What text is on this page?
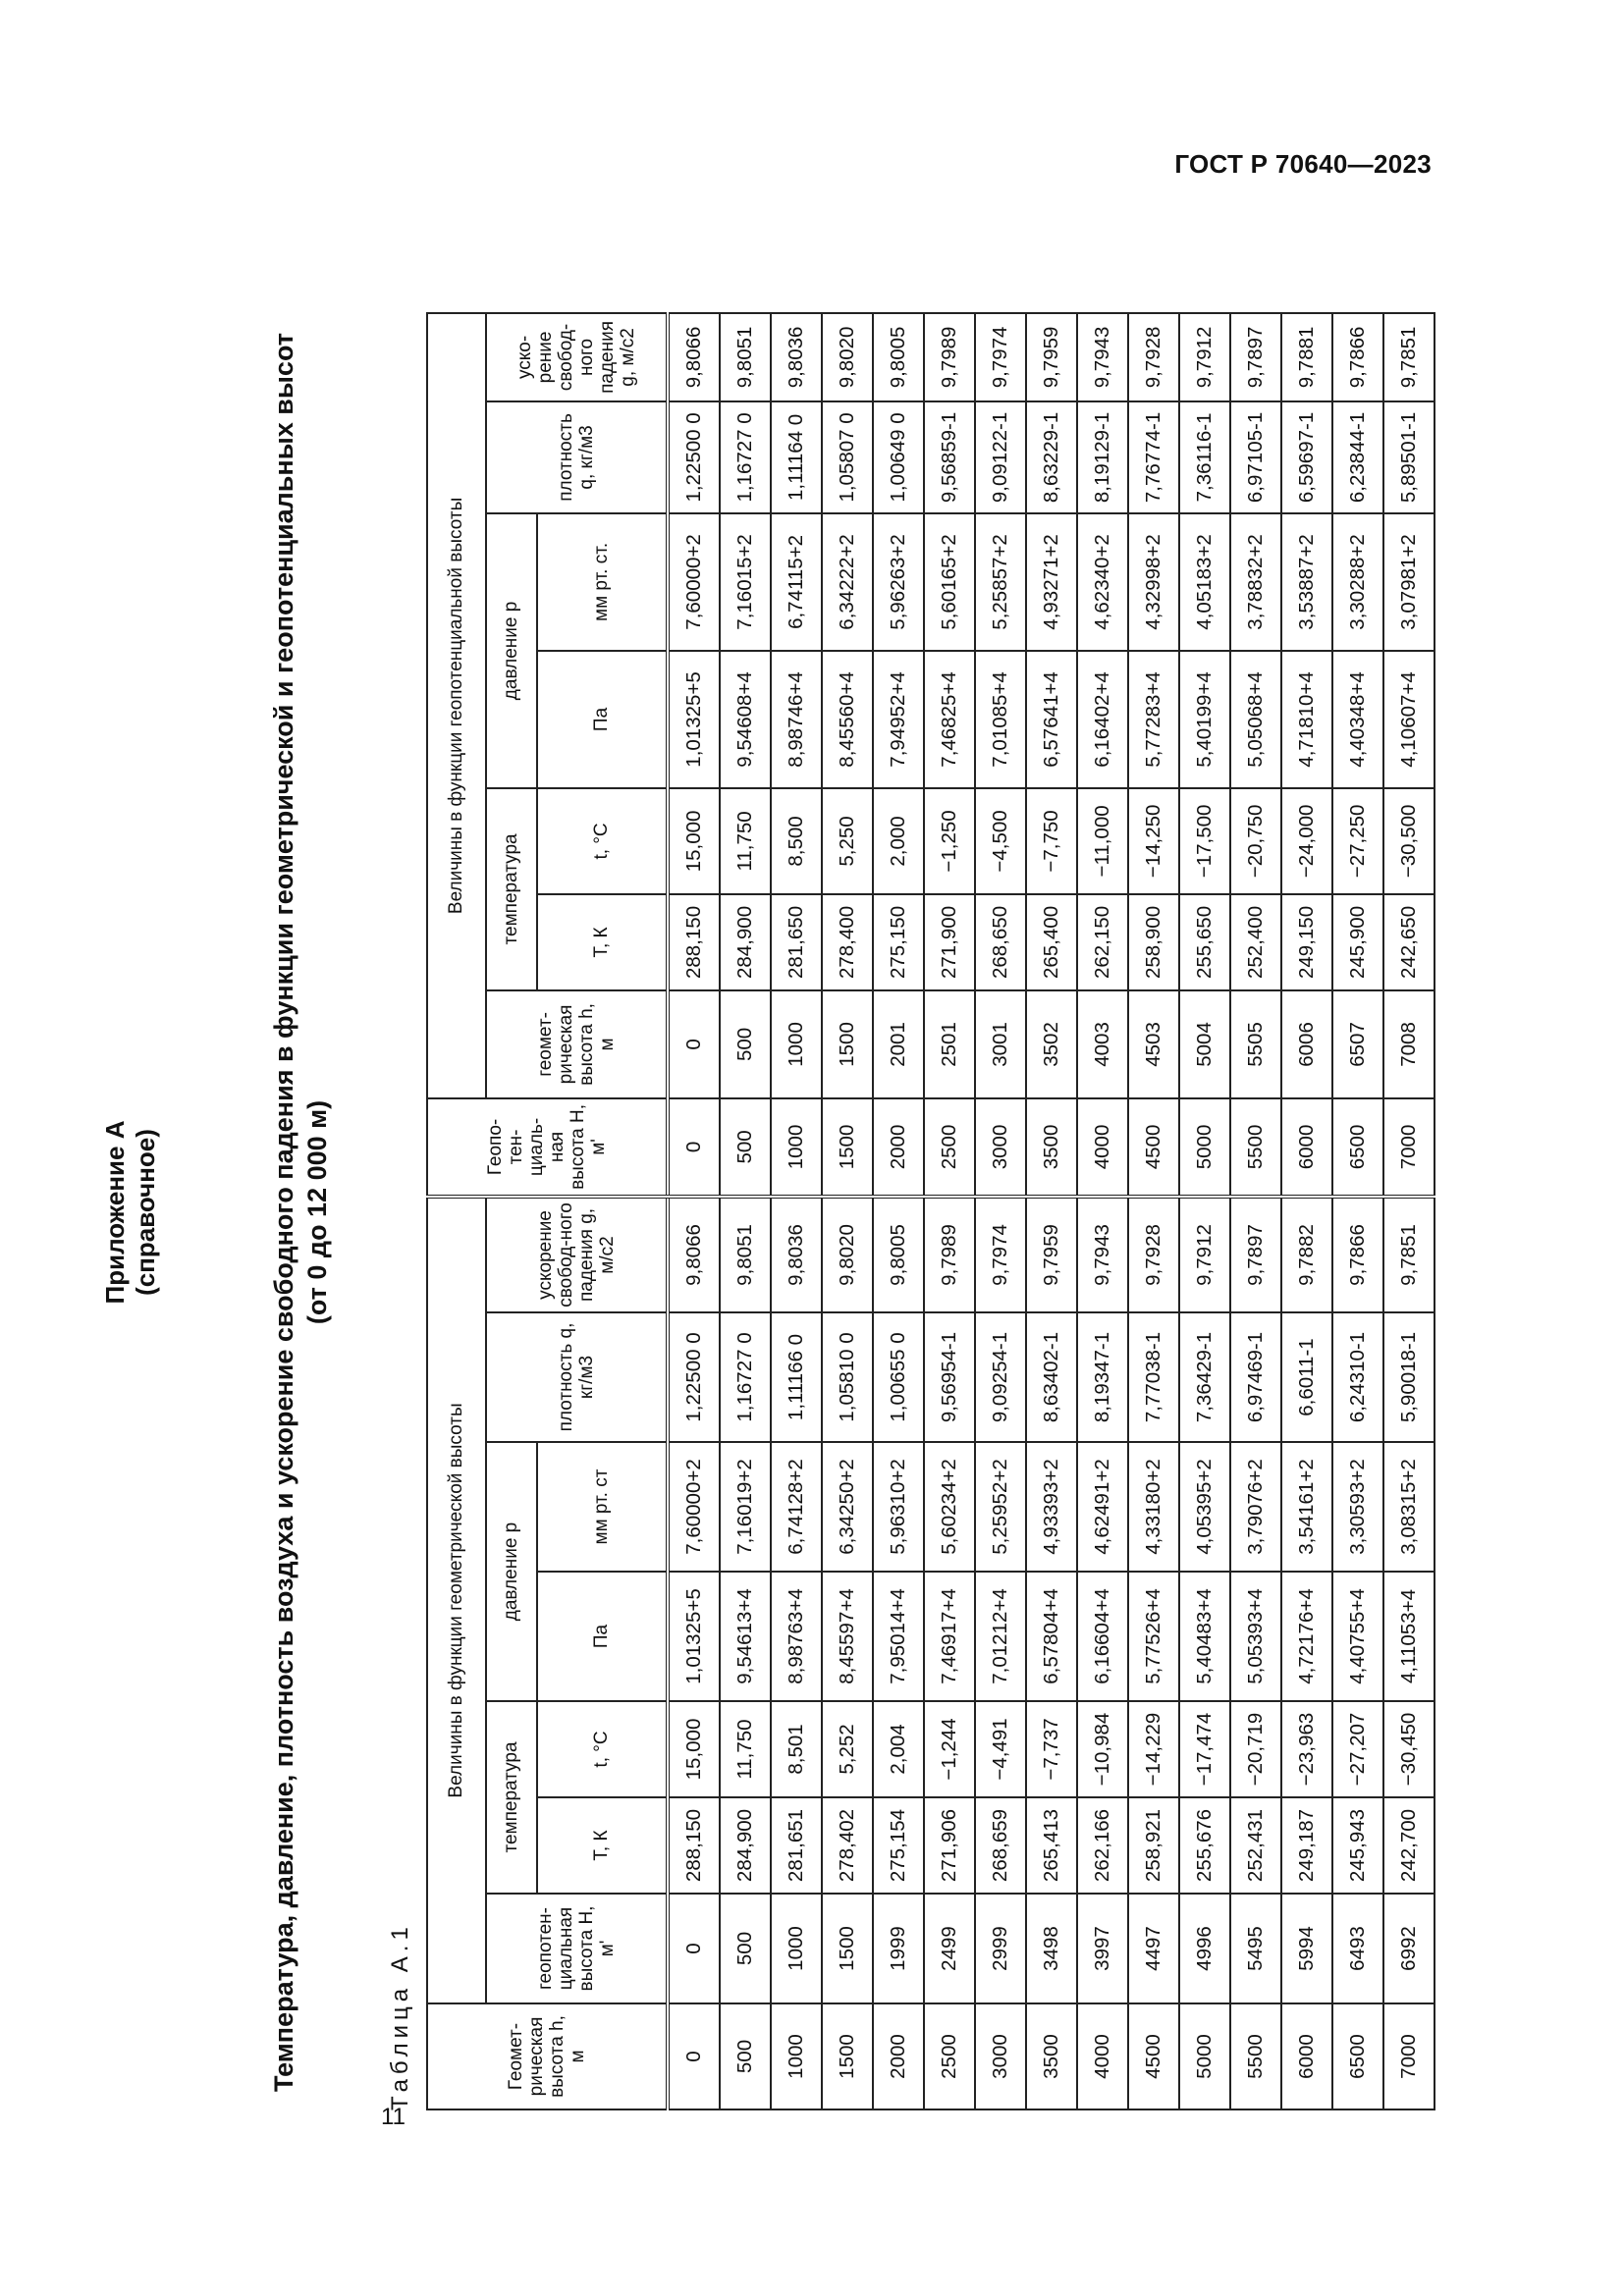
ГОСТ Р 70640—2023
Приложение А (справочное)	Температура, давление, плотность воздуха и ускорение свободного падения в функции геометрической и геопотенциальных высот (от 0 до 12 000 м)
Таблица А.1	Геомет-рическая высота h, м	Величины в функции геометрической высоты							Геопо-тен-циаль-ная высота H, м'	Величины в функции геопотенциальной высоты						
	геопотен-циальная высота H, м'	температура		давление p		плотность q, кг/м3	ускорение свобод-ного падения g, м/с2		геомет-рическая высота h, м	температура		давление p		плотность q, кг/м3	уско-рение свобод-ного падения g, м/с2
		T, К	t, °С	Па	мм рт. ст					T, К	t, °С	Па	мм рт. ст.		
0	0	288,150	15,000	1,01325+5	7,60000+2	1,22500 0	9,8066	0	0	288,150	15,000	1,01325+5	7,60000+2	1,22500 0	9,8066
500	500	284,900	11,750	9,54613+4	7,16019+2	1,16727 0	9,8051	500	500	284,900	11,750	9,54608+4	7,16015+2	1,16727 0	9,8051
1000	1000	281,651	8,501	8,98763+4	6,74128+2	1,11166 0	9,8036	1000	1000	281,650	8,500	8,98746+4	6,74115+2	1,11164 0	9,8036
1500	1500	278,402	5,252	8,45597+4	6,34250+2	1,05810 0	9,8020	1500	1500	278,400	5,250	8,45560+4	6,34222+2	1,05807 0	9,8020
2000	1999	275,154	2,004	7,95014+4	5,96310+2	1,00655 0	9,8005	2000	2001	275,150	2,000	7,94952+4	5,96263+2	1,00649 0	9,8005
2500	2499	271,906	−1,244	7,46917+4	5,60234+2	9,56954-1	9,7989	2500	2501	271,900	−1,250	7,46825+4	5,60165+2	9,56859-1	9,7989
3000	2999	268,659	−4,491	7,01212+4	5,25952+2	9,09254-1	9,7974	3000	3001	268,650	−4,500	7,01085+4	5,25857+2	9,09122-1	9,7974
3500	3498	265,413	−7,737	6,57804+4	4,93393+2	8,63402-1	9,7959	3500	3502	265,400	−7,750	6,57641+4	4,93271+2	8,63229-1	9,7959
4000	3997	262,166	−10,984	6,16604+4	4,62491+2	8,19347-1	9,7943	4000	4003	262,150	−11,000	6,16402+4	4,62340+2	8,19129-1	9,7943
4500	4497	258,921	−14,229	5,77526+4	4,33180+2	7,77038-1	9,7928	4500	4503	258,900	−14,250	5,77283+4	4,32998+2	7,76774-1	9,7928
5000	4996	255,676	−17,474	5,40483+4	4,05395+2	7,36429-1	9,7912	5000	5004	255,650	−17,500	5,40199+4	4,05183+2	7,36116-1	9,7912
5500	5495	252,431	−20,719	5,05393+4	3,79076+2	6,97469-1	9,7897	5500	5505	252,400	−20,750	5,05068+4	3,78832+2	6,97105-1	9,7897
6000	5994	249,187	−23,963	4,72176+4	3,54161+2	6,6011-1	9,7882	6000	6006	249,150	−24,000	4,71810+4	3,53887+2	6,59697-1	9,7881
6500	6493	245,943	−27,207	4,40755+4	3,30593+2	6,24310-1	9,7866	6500	6507	245,900	−27,250	4,40348+4	3,30288+2	6,23844-1	9,7866
7000	6992	242,700	−30,450	4,11053+4	3,08315+2	5,90018-1	9,7851	7000	7008	242,650	−30,500	4,10607+4	3,07981+2	5,89501-1	9,7851
11
